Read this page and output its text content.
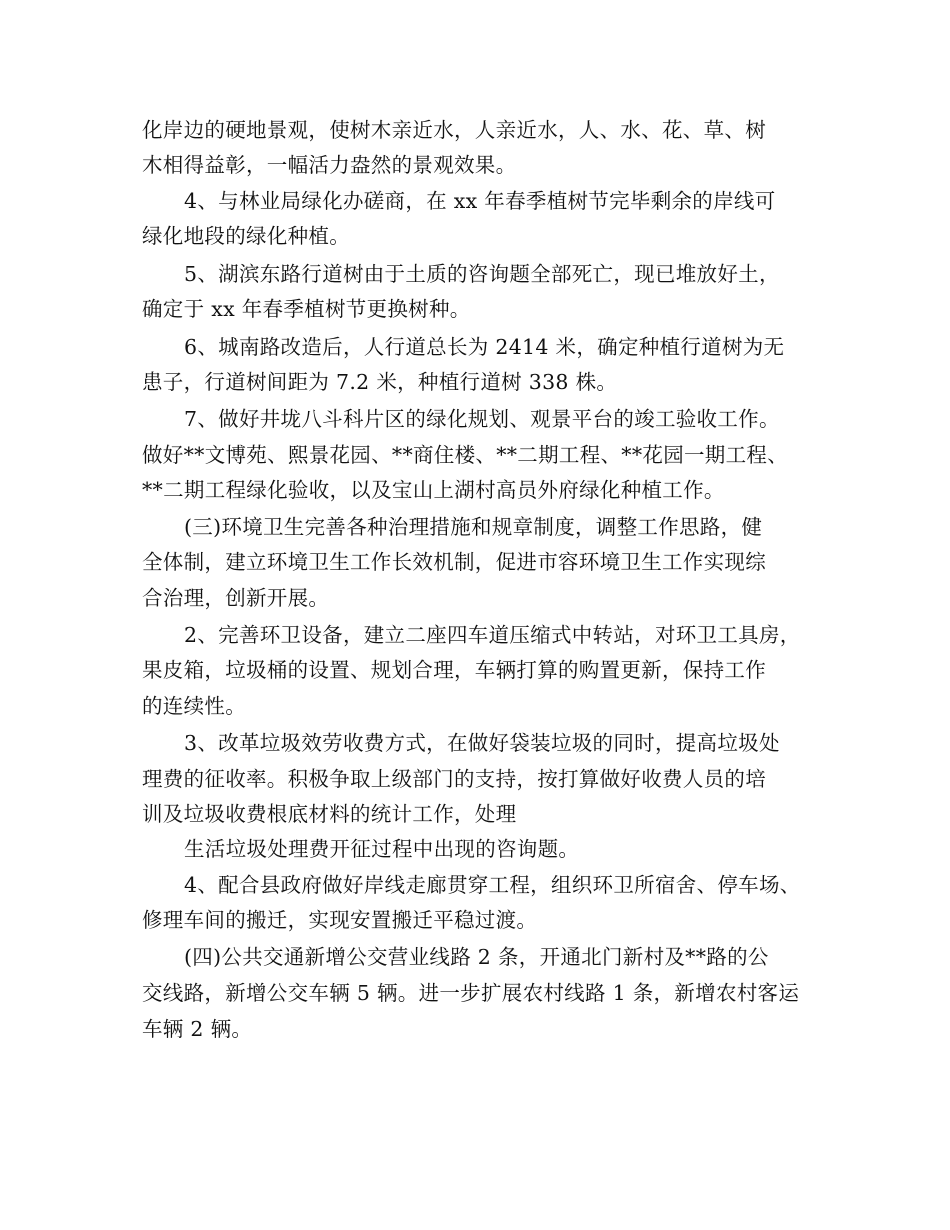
化岸边的硬地景观，使树木亲近水，人亲近水，人、水、花、草、树

木相得益彰，一幅活力盎然的景观效果。

4、与林业局绿化办磋商，在 xx 年春季植树节完毕剩余的岸线可

绿化地段的绿化种植。

5、湖滨东路行道树由于土质的咨询题全部死亡，现已堆放好土，

确定于 xx 年春季植树节更换树种。

6、城南路改造后，人行道总长为 2414 米，确定种植行道树为无

患子，行道树间距为 7.2 米，种植行道树 338 株。

7、做好井垅八斗科片区的绿化规划、观景平台的竣工验收工作。

做好**文博苑、熙景花园、**商住楼、**二期工程、**花园一期工程、

**二期工程绿化验收，以及宝山上湖村高员外府绿化种植工作。

(三)环境卫生完善各种治理措施和规章制度，调整工作思路，健

全体制，建立环境卫生工作长效机制，促进市容环境卫生工作实现综

合治理，创新开展。

2、完善环卫设备，建立二座四车道压缩式中转站，对环卫工具房，

果皮箱，垃圾桶的设置、规划合理，车辆打算的购置更新，保持工作

的连续性。

3、改革垃圾效劳收费方式，在做好袋装垃圾的同时，提高垃圾处

理费的征收率。积极争取上级部门的支持，按打算做好收费人员的培

训及垃圾收费根底材料的统计工作，处理

生活垃圾处理费开征过程中出现的咨询题。

4、配合县政府做好岸线走廊贯穿工程，组织环卫所宿舍、停车场、

修理车间的搬迁，实现安置搬迁平稳过渡。

(四)公共交通新增公交营业线路 2 条，开通北门新村及**路的公

交线路，新增公交车辆 5 辆。进一步扩展农村线路 1 条，新增农村客运

车辆 2 辆。
